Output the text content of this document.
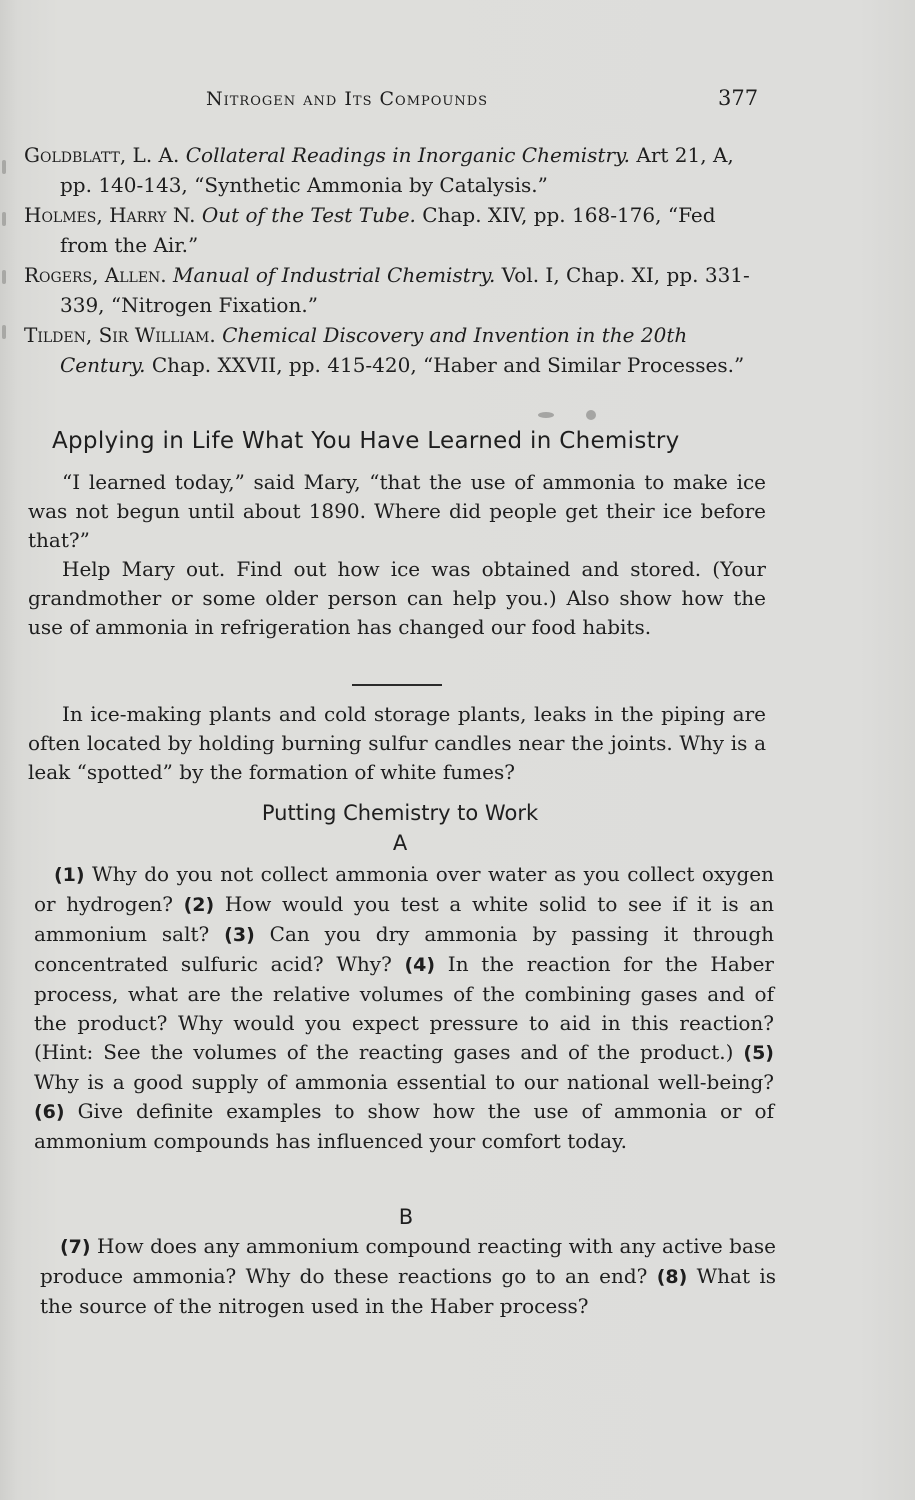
Nitrogen and Its Compounds	377

Goldblatt, L. A. Collateral Readings in Inorganic Chemistry. Art 21, A, pp. 140-143, “Synthetic Ammonia by Catalysis.”

Holmes, Harry N. Out of the Test Tube. Chap. XIV, pp. 168-176, “Fed from the Air.”

Rogers, Allen. Manual of Industrial Chemistry. Vol. I, Chap. XI, pp. 331-339, “Nitrogen Fixation.”

Tilden, Sir William. Chemical Discovery and Invention in the 20th Century. Chap. XXVII, pp. 415-420, “Haber and Similar Processes.”

Applying in Life What You Have Learned in Chemistry

“I learned today,” said Mary, “that the use of ammonia to make ice was not begun until about 1890. Where did people get their ice before that?”

Help Mary out. Find out how ice was obtained and stored. (Your grandmother or some older person can help you.) Also show how the use of ammonia in refrigeration has changed our food habits.

In ice-making plants and cold storage plants, leaks in the piping are often located by holding burning sulfur candles near the joints. Why is a leak “spotted” by the formation of white fumes?

Putting Chemistry to Work
A

(1) Why do you not collect ammonia over water as you collect oxygen or hydrogen? (2) How would you test a white solid to see if it is an ammonium salt? (3) Can you dry ammonia by passing it through concentrated sulfuric acid? Why? (4) In the reaction for the Haber process, what are the relative volumes of the combining gases and of the product? Why would you expect pressure to aid in this reaction? (Hint: See the volumes of the reacting gases and of the product.) (5) Why is a good supply of ammonia essential to our national well-being? (6) Give definite examples to show how the use of ammonia or of ammonium compounds has influenced your comfort today.

B

(7) How does any ammonium compound reacting with any active base produce ammonia? Why do these reactions go to an end? (8) What is the source of the nitrogen used in the Haber process?
